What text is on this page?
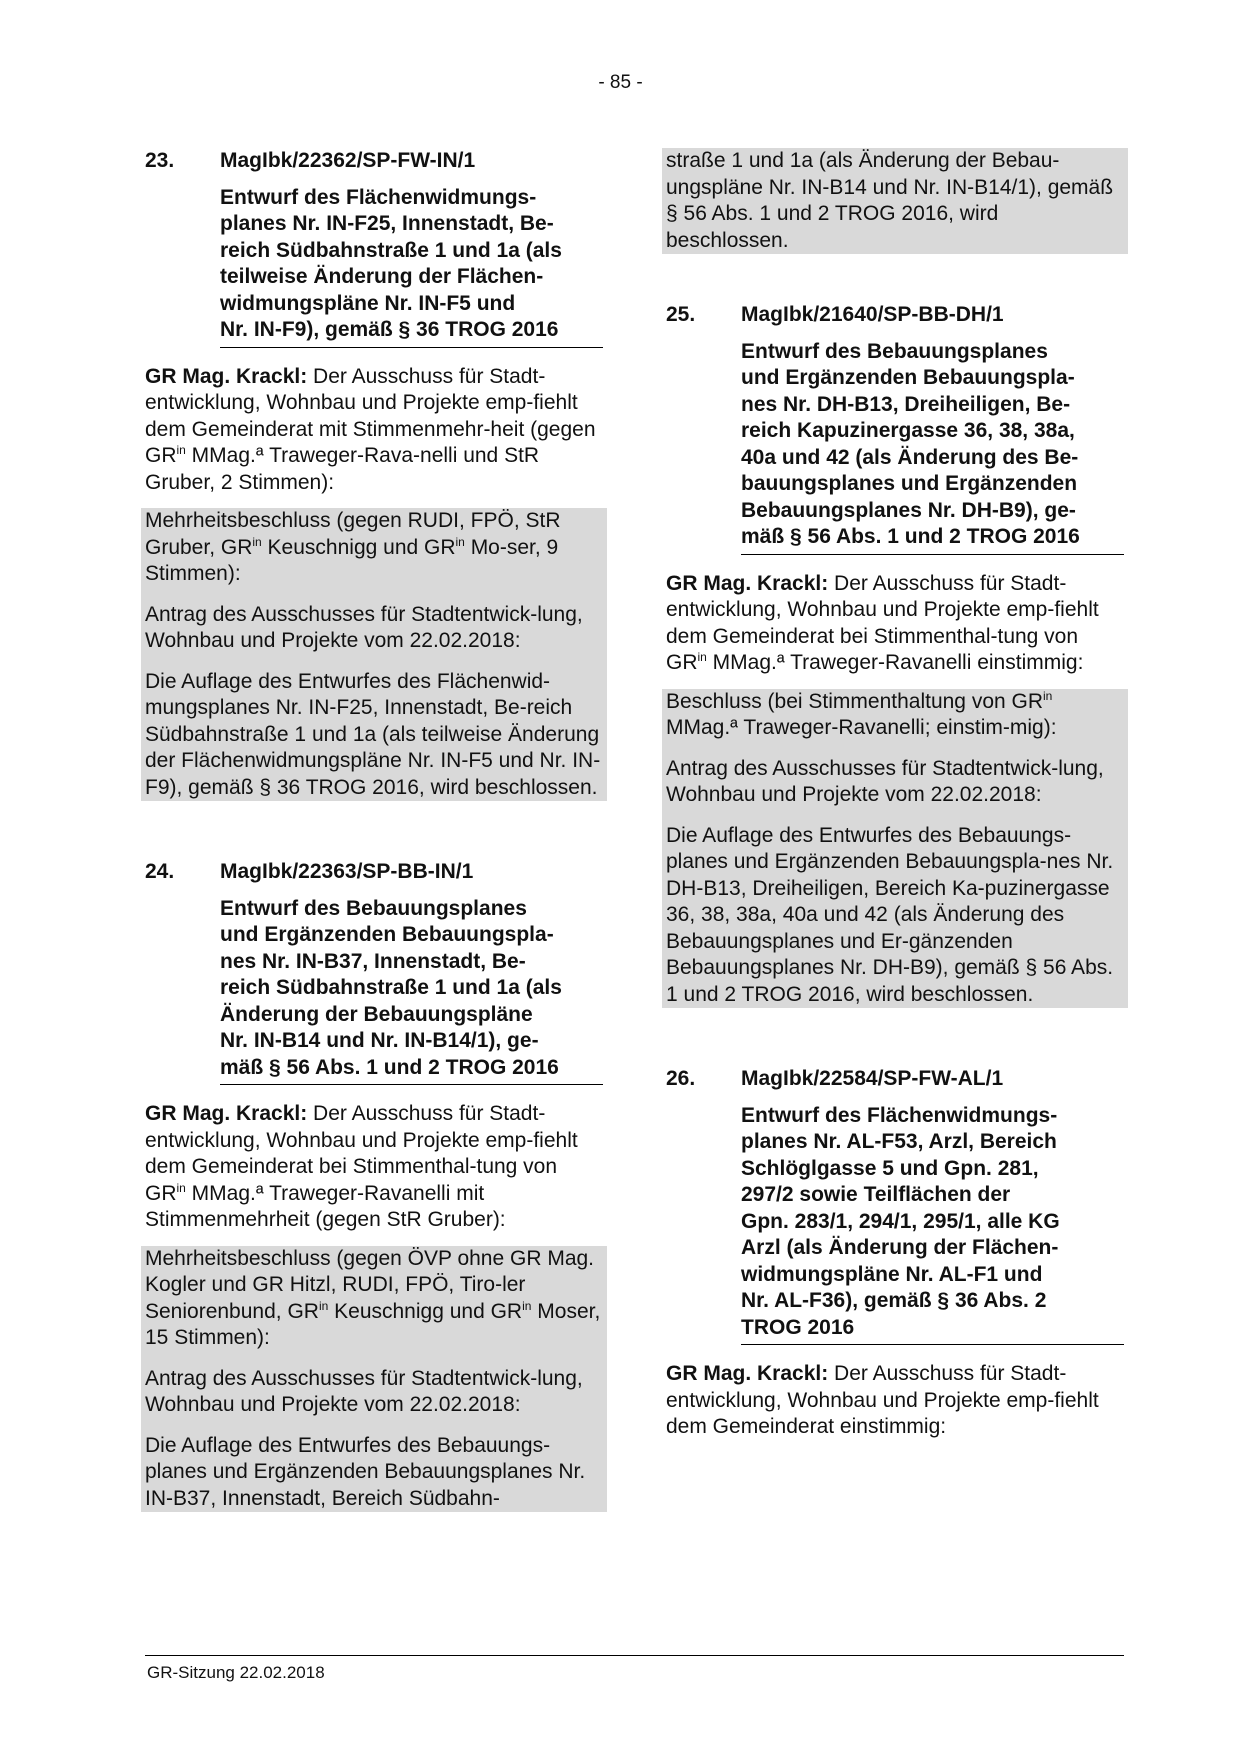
- 85 -
23.	MagIbk/22362/SP-FW-IN/1
Entwurf des Flächenwidmungs-
planes Nr. IN-F25, Innenstadt, Be-
reich Südbahnstraße 1 und 1a (als
teilweise Änderung der Flächen-
widmungspläne Nr. IN-F5 und
Nr. IN-F9), gemäß § 36 TROG 2016
GR Mag. Krackl: Der Ausschuss für Stadt-entwicklung, Wohnbau und Projekte emp-fiehlt dem Gemeinderat mit Stimmenmehr-heit (gegen $GR^{in}$ MMag.ª Traweger-Rava-nelli und StR Gruber, 2 Stimmen):

Mehrheitsbeschluss (gegen RUDI, FPÖ, StR Gruber, $GR^{in}$ Keuschnigg und $GR^{in}$ Mo-ser, 9 Stimmen):

Antrag des Ausschusses für Stadtentwick-lung, Wohnbau und Projekte vom 22.02.2018:

Die Auflage des Entwurfes des Flächenwid-mungsplanes Nr. IN-F25, Innenstadt, Be-reich Südbahnstraße 1 und 1a (als teilweise Änderung der Flächenwidmungspläne Nr. IN-F5 und Nr. IN-F9), gemäß § 36 TROG 2016, wird beschlossen.

24.	MagIbk/22363/SP-BB-IN/1
Entwurf des Bebauungsplanes
und Ergänzenden Bebauungspla-
nes Nr. IN-B37, Innenstadt, Be-
reich Südbahnstraße 1 und 1a (als
Änderung der Bebauungspläne
Nr. IN-B14 und Nr. IN-B14/1), ge-
mäß § 56 Abs. 1 und 2 TROG 2016
GR Mag. Krackl: Der Ausschuss für Stadt-entwicklung, Wohnbau und Projekte emp-fiehlt dem Gemeinderat bei Stimmenthal-tung von $GR^{in}$ MMag.ª Traweger-Ravanelli mit Stimmenmehrheit (gegen StR Gruber):

Mehrheitsbeschluss (gegen ÖVP ohne GR Mag. Kogler und GR Hitzl, RUDI, FPÖ, Tiro-ler Seniorenbund, $GR^{in}$ Keuschnigg und $GR^{in}$ Moser, 15 Stimmen):

Antrag des Ausschusses für Stadtentwick-lung, Wohnbau und Projekte vom 22.02.2018:

Die Auflage des Entwurfes des Bebauungs-planes und Ergänzenden Bebauungsplanes Nr. IN-B37, Innenstadt, Bereich Südbahn-

straße 1 und 1a (als Änderung der Bebau-ungspläne Nr. IN-B14 und Nr. IN-B14/1), gemäß § 56 Abs. 1 und 2 TROG 2016, wird beschlossen.

25.	MagIbk/21640/SP-BB-DH/1
Entwurf des Bebauungsplanes
und Ergänzenden Bebauungspla-
nes Nr. DH-B13, Dreiheiligen, Be-
reich Kapuzinergasse 36, 38, 38a,
40a und 42 (als Änderung des Be-
bauungsplanes und Ergänzenden
Bebauungsplanes Nr. DH-B9), ge-
mäß § 56 Abs. 1 und 2 TROG 2016
GR Mag. Krackl: Der Ausschuss für Stadt-entwicklung, Wohnbau und Projekte emp-fiehlt dem Gemeinderat bei Stimmenthal-tung von $GR^{in}$ MMag.ª Traweger-Ravanelli einstimmig:

Beschluss (bei Stimmenthaltung von $GR^{in}$ MMag.ª Traweger-Ravanelli; einstim-mig):

Antrag des Ausschusses für Stadtentwick-lung, Wohnbau und Projekte vom 22.02.2018:

Die Auflage des Entwurfes des Bebauungs-planes und Ergänzenden Bebauungspla-nes Nr. DH-B13, Dreiheiligen, Bereich Ka-puzinergasse 36, 38, 38a, 40a und 42 (als Änderung des Bebauungsplanes und Er-gänzenden Bebauungsplanes Nr. DH-B9), gemäß § 56 Abs. 1 und 2 TROG 2016, wird beschlossen.

26.	MagIbk/22584/SP-FW-AL/1
Entwurf des Flächenwidmungs-
planes Nr. AL-F53, Arzl, Bereich
Schlöglgasse 5 und Gpn. 281,
297/2 sowie Teilflächen der
Gpn. 283/1, 294/1, 295/1, alle KG
Arzl (als Änderung der Flächen-
widmungspläne Nr. AL-F1 und
Nr. AL-F36), gemäß § 36 Abs. 2
TROG 2016
GR Mag. Krackl: Der Ausschuss für Stadt-entwicklung, Wohnbau und Projekte emp-fiehlt dem Gemeinderat einstimmig:
GR-Sitzung 22.02.2018
